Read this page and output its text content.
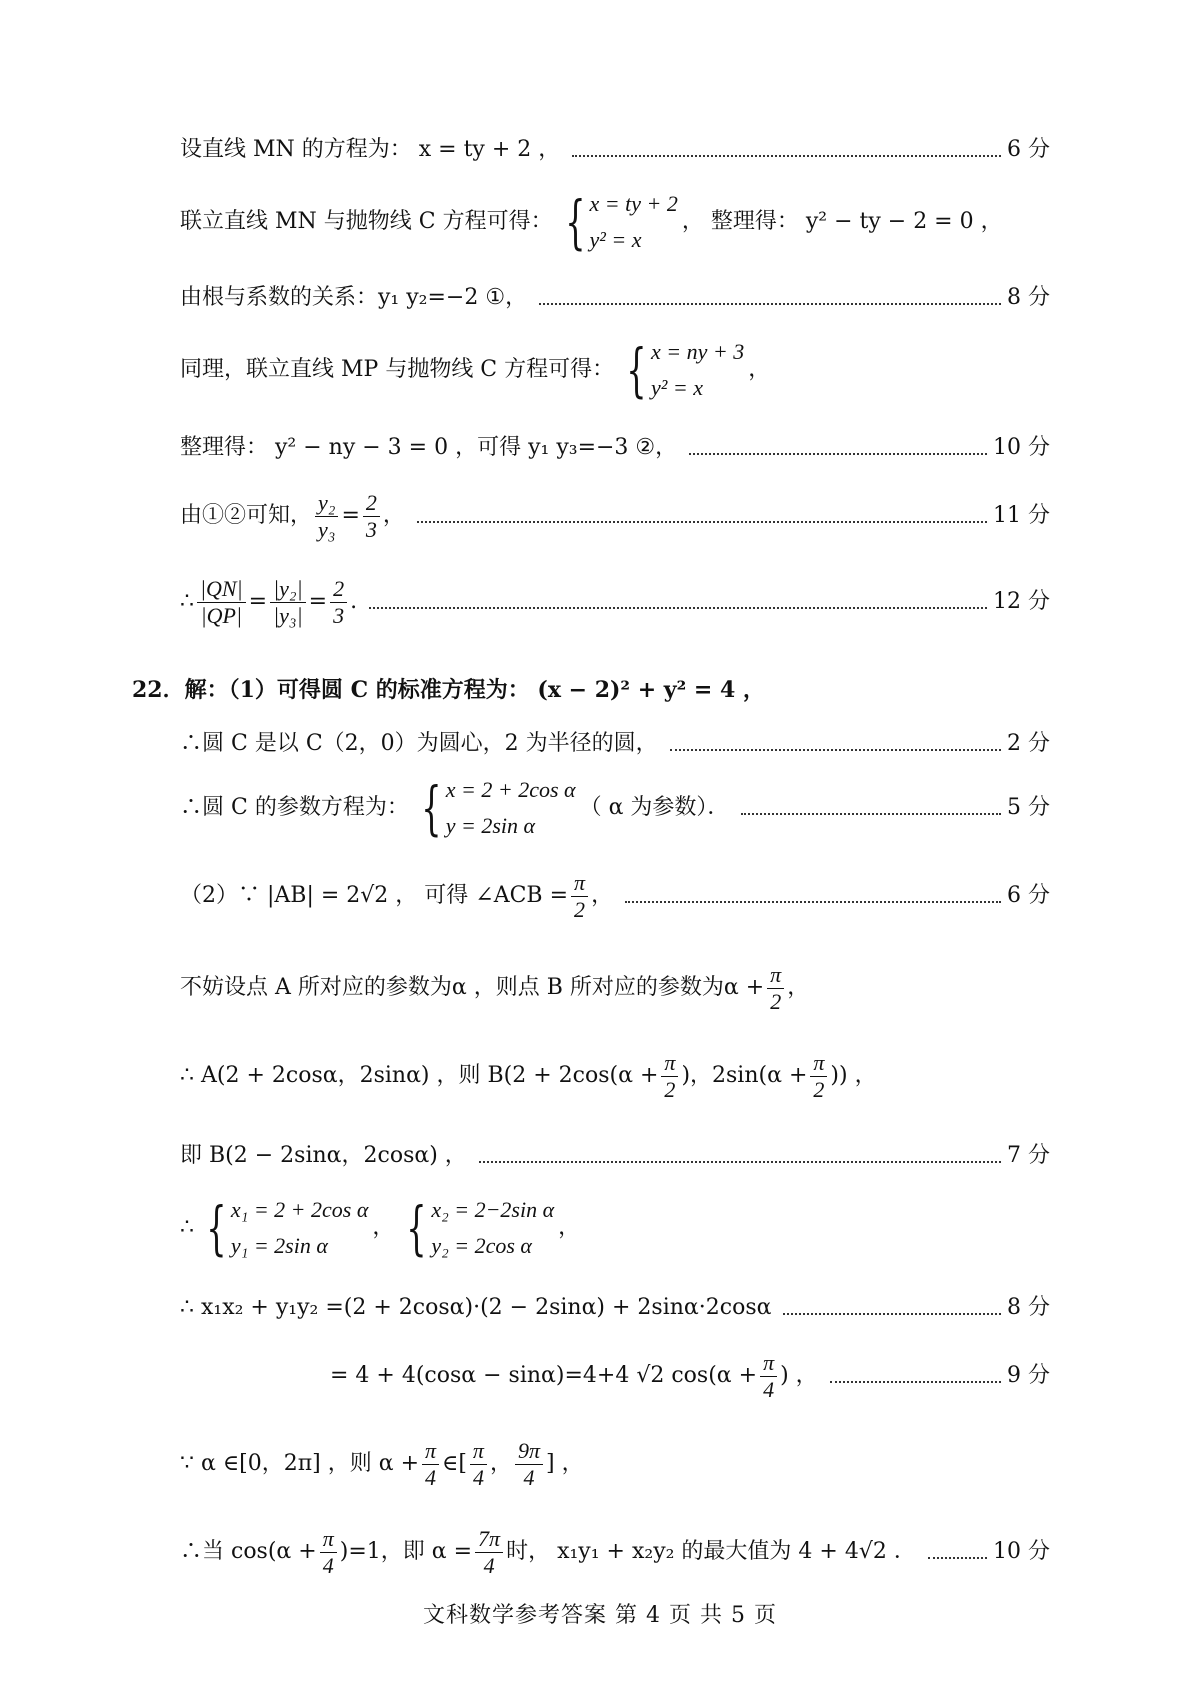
设直线 MN 的方程为： x = ty + 2 ，	6 分
联立直线 MN 与抛物线 C 方程可得： { x = ty + 2
y² = x
， 整理得： y² − ty − 2 = 0 ，
由根与系数的关系：y₁ y₂=−2 ①，	8 分
同理，联立直线 MP 与抛物线 C 方程可得： { x = ny + 3
y² = x
，
整理得： y² − ny − 3 = 0 ，可得 y₁ y₃=−3 ②，	10 分
由①②可知， $\frac{\text{y₂}}{\text{y₃}} = \frac{2}{3}$ ，	11 分
∴ $\frac{|QN|}{|QP|} = \frac{\text{|y₂|}}{\text{|y₃|}} = \frac{2}{3}$ .	12 分
22．解：（1）可得圆 C 的标准方程为： (x − 2)² + y² = 4 ，
∴圆 C 是以 C（2，0）为圆心，2 为半径的圆，	2 分
∴圆 C 的参数方程为： { x = 2 + 2cos α
y = 2sin α
（ α 为参数）．	5 分
（2）∵ |AB| = 2√2 ， 可得 ∠ACB = $\frac{\pi}{2}$ ，	6 分
不妨设点 A 所对应的参数为α ，则点 B 所对应的参数为$\alpha + \frac{\pi}{2}$ ，
∴ A(2 + 2cosα，2sinα) ，则 $B(2 + 2\cos(\alpha + \frac{\pi}{2}$ )，$2\sin(\alpha + \frac{\pi}{2}$ )) ，
即 B(2 − 2sinα，2cosα) ，	7 分
∴ { x₁ = 2 + 2cos α
y₁ = 2sin α
， { x₂ = 2−2sin α
y₂ = 2cos α
，
∴ x₁x₂ + y₁y₂ =(2 + 2cosα)·(2 − 2sinα) + 2sinα·2cosα	8 分
= 4 + 4(cosα − sinα)=4+4 √2 $\cos(\alpha + \frac{\pi}{4}$ ) ，	9 分
∵ α ∈[0，2π] ，则 $\alpha + \frac{\pi}{4}$ ∈[ $\frac{\pi}{4}$ ， $\frac{9\pi}{4}$ ] ，
∴当 $\cos(\alpha + \frac{\pi}{4} )=1$，即 $\alpha = \frac{7\pi}{4}$ 时， x₁y₁ + x₂y₂ 的最大值为 4 + 4√2 ．	10 分
文科数学参考答案 第 4 页 共 5 页
